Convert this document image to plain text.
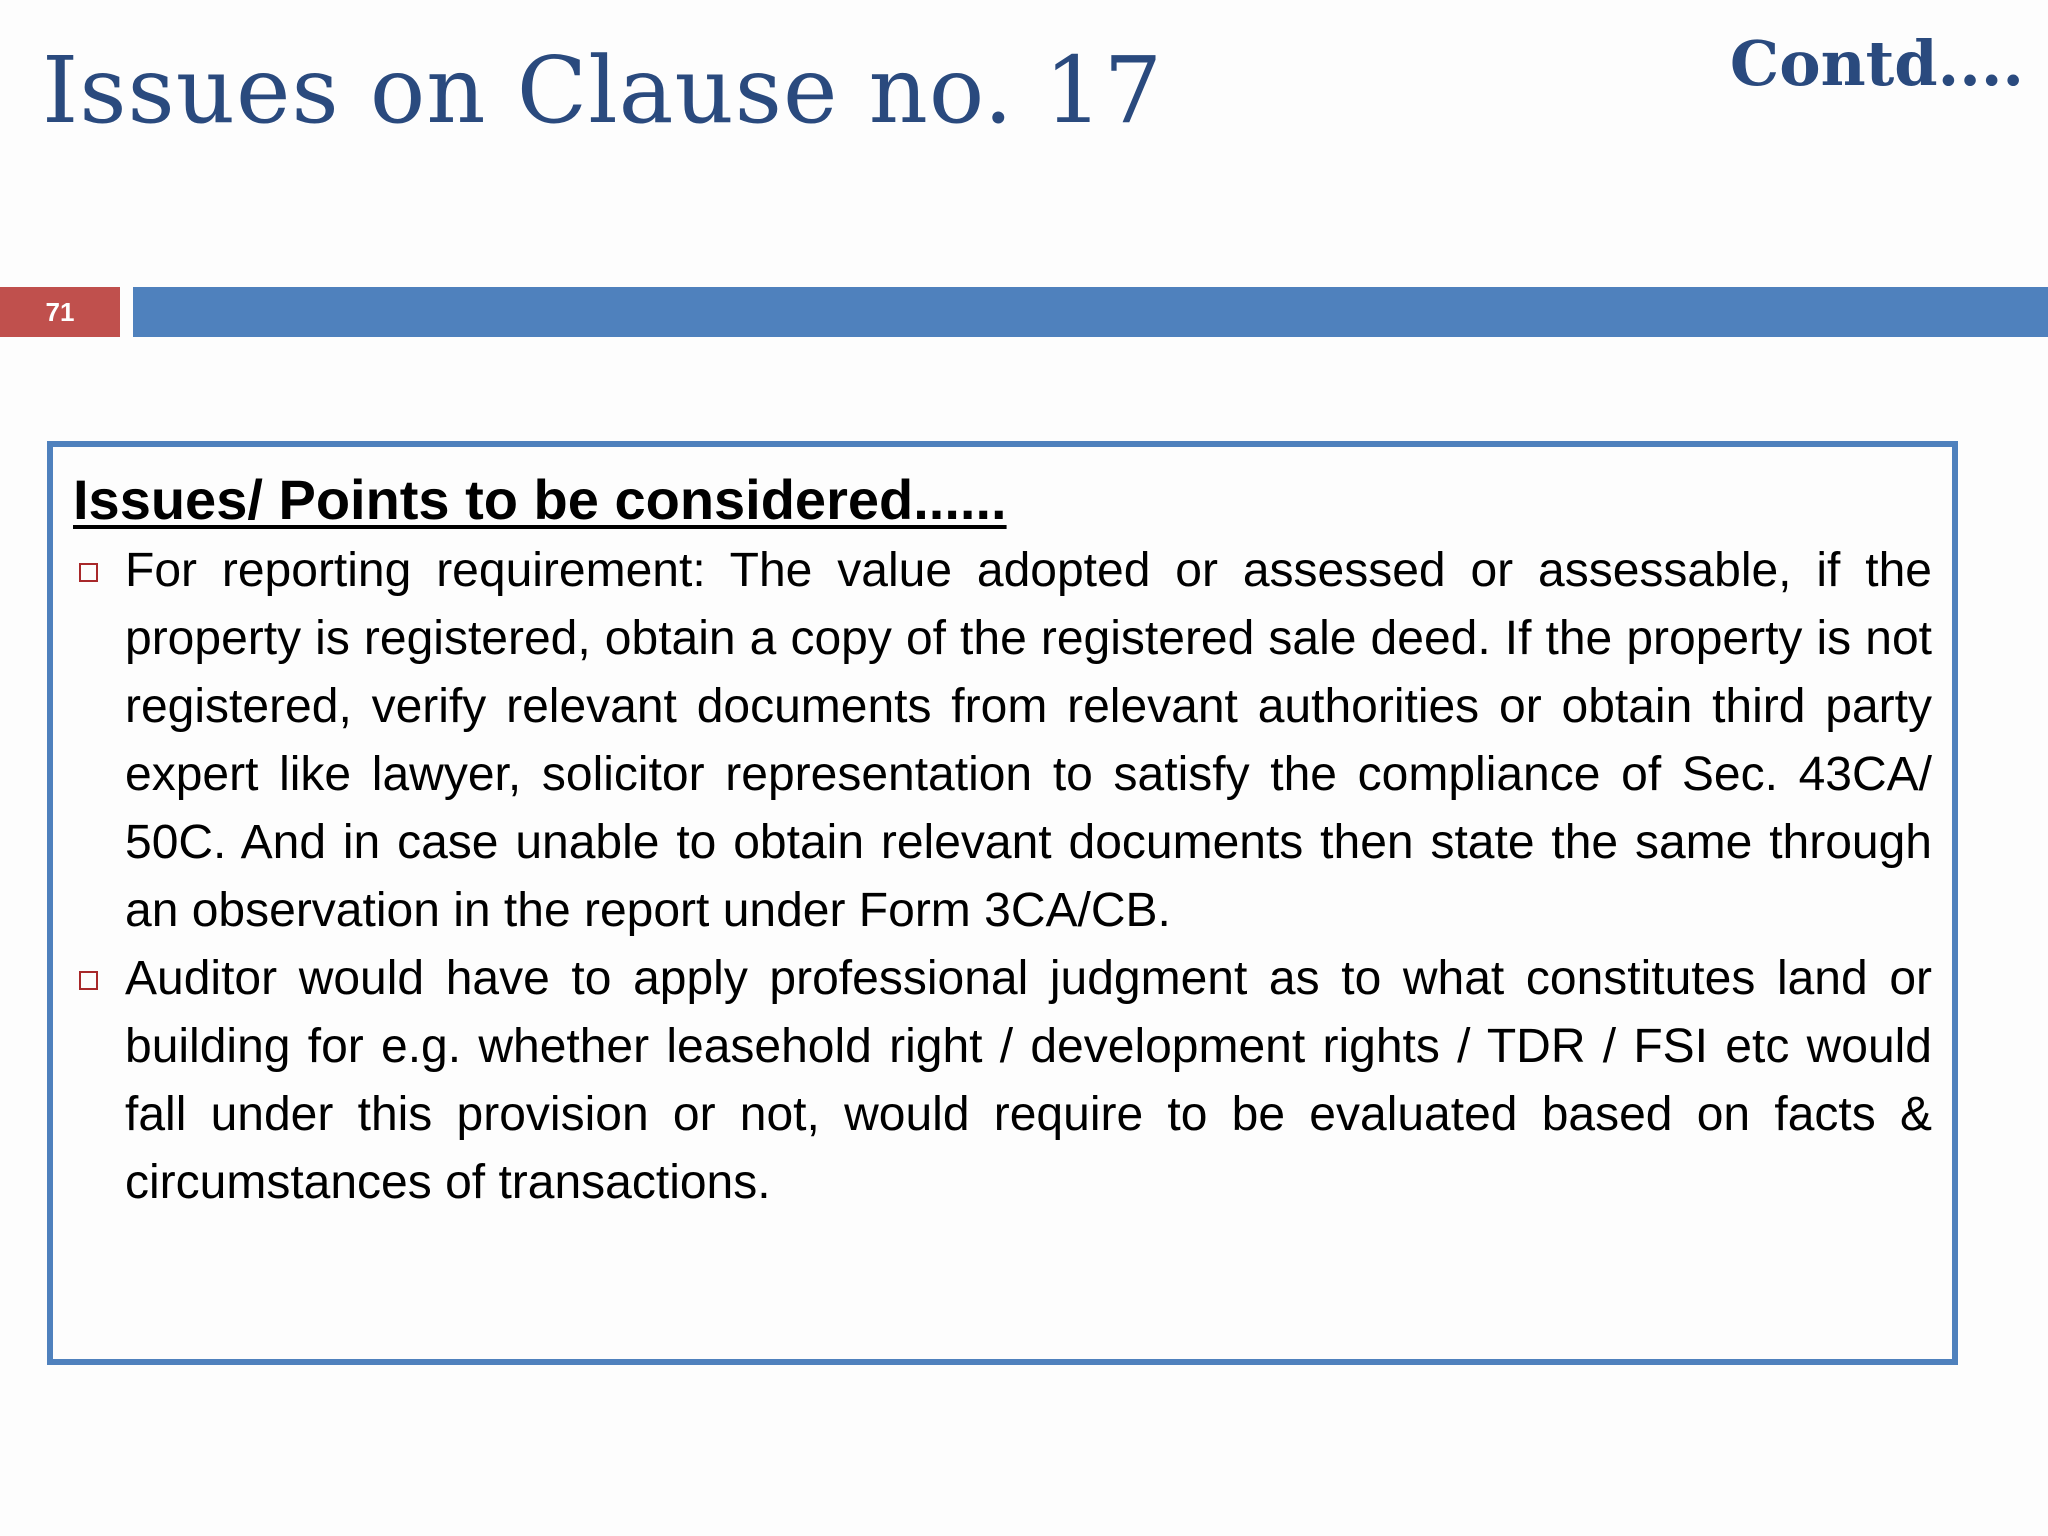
Issues on Clause no. 17	Contd....
71
Issues/ Points to be considered......
For reporting requirement: The value adopted or assessed or assessable, if the property is registered, obtain a copy of the registered sale deed. If the property is not registered, verify relevant documents from relevant authorities or obtain third party expert like lawyer, solicitor representation to satisfy the compliance of Sec. 43CA/ 50C. And in case unable to obtain relevant documents then state the same through an observation in the report under Form 3CA/CB.
Auditor would have to apply professional judgment as to what constitutes land or building for e.g. whether leasehold right / development rights / TDR / FSI etc would fall under this provision or not, would require to be evaluated based on facts & circumstances of transactions.
